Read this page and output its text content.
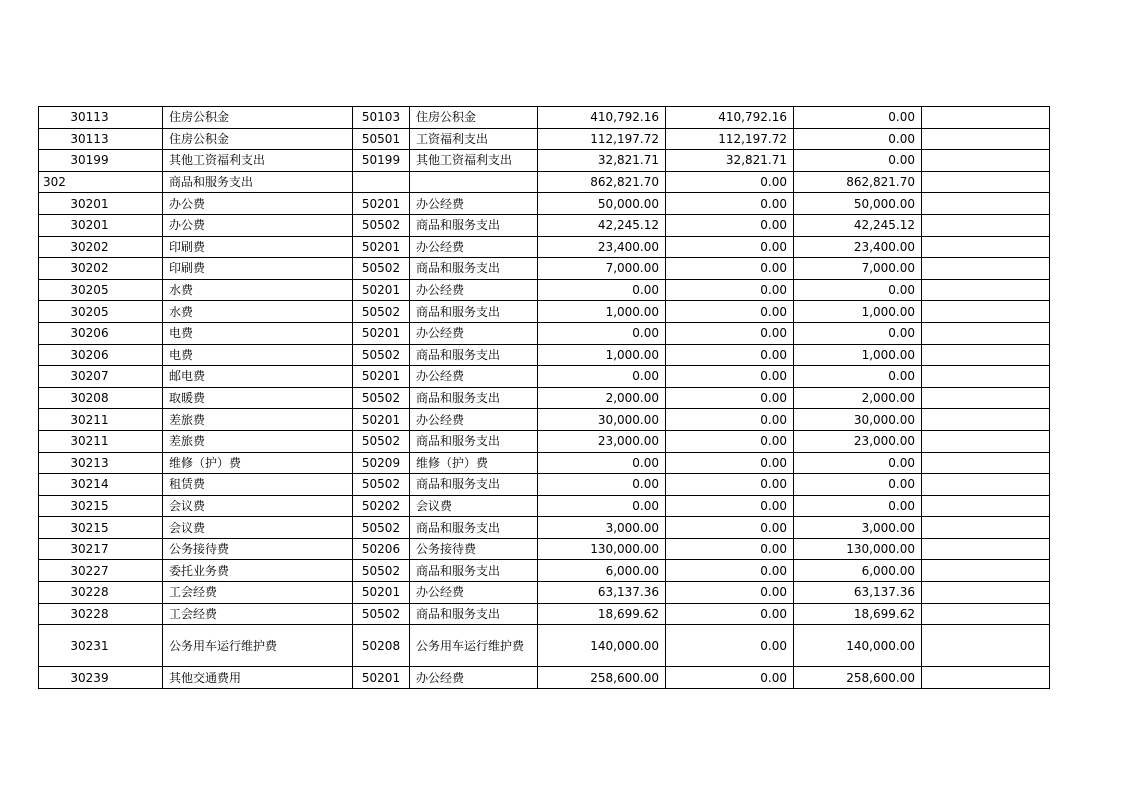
30113	住房公积金	50103	住房公积金	410,792.16	410,792.16	0.00	
30113	住房公积金	50501	工资福利支出	112,197.72	112,197.72	0.00	
30199	其他工资福利支出	50199	其他工资福利支出	32,821.71	32,821.71	0.00	
302	商品和服务支出			862,821.70	0.00	862,821.70	
30201	办公费	50201	办公经费	50,000.00	0.00	50,000.00	
30201	办公费	50502	商品和服务支出	42,245.12	0.00	42,245.12	
30202	印刷费	50201	办公经费	23,400.00	0.00	23,400.00	
30202	印刷费	50502	商品和服务支出	7,000.00	0.00	7,000.00	
30205	水费	50201	办公经费	0.00	0.00	0.00	
30205	水费	50502	商品和服务支出	1,000.00	0.00	1,000.00	
30206	电费	50201	办公经费	0.00	0.00	0.00	
30206	电费	50502	商品和服务支出	1,000.00	0.00	1,000.00	
30207	邮电费	50201	办公经费	0.00	0.00	0.00	
30208	取暖费	50502	商品和服务支出	2,000.00	0.00	2,000.00	
30211	差旅费	50201	办公经费	30,000.00	0.00	30,000.00	
30211	差旅费	50502	商品和服务支出	23,000.00	0.00	23,000.00	
30213	维修（护）费	50209	维修（护）费	0.00	0.00	0.00	
30214	租赁费	50502	商品和服务支出	0.00	0.00	0.00	
30215	会议费	50202	会议费	0.00	0.00	0.00	
30215	会议费	50502	商品和服务支出	3,000.00	0.00	3,000.00	
30217	公务接待费	50206	公务接待费	130,000.00	0.00	130,000.00	
30227	委托业务费	50502	商品和服务支出	6,000.00	0.00	6,000.00	
30228	工会经费	50201	办公经费	63,137.36	0.00	63,137.36	
30228	工会经费	50502	商品和服务支出	18,699.62	0.00	18,699.62	
30231	公务用车运行维护费	50208	公务用车运行维护费	140,000.00	0.00	140,000.00	
30239	其他交通费用	50201	办公经费	258,600.00	0.00	258,600.00	
